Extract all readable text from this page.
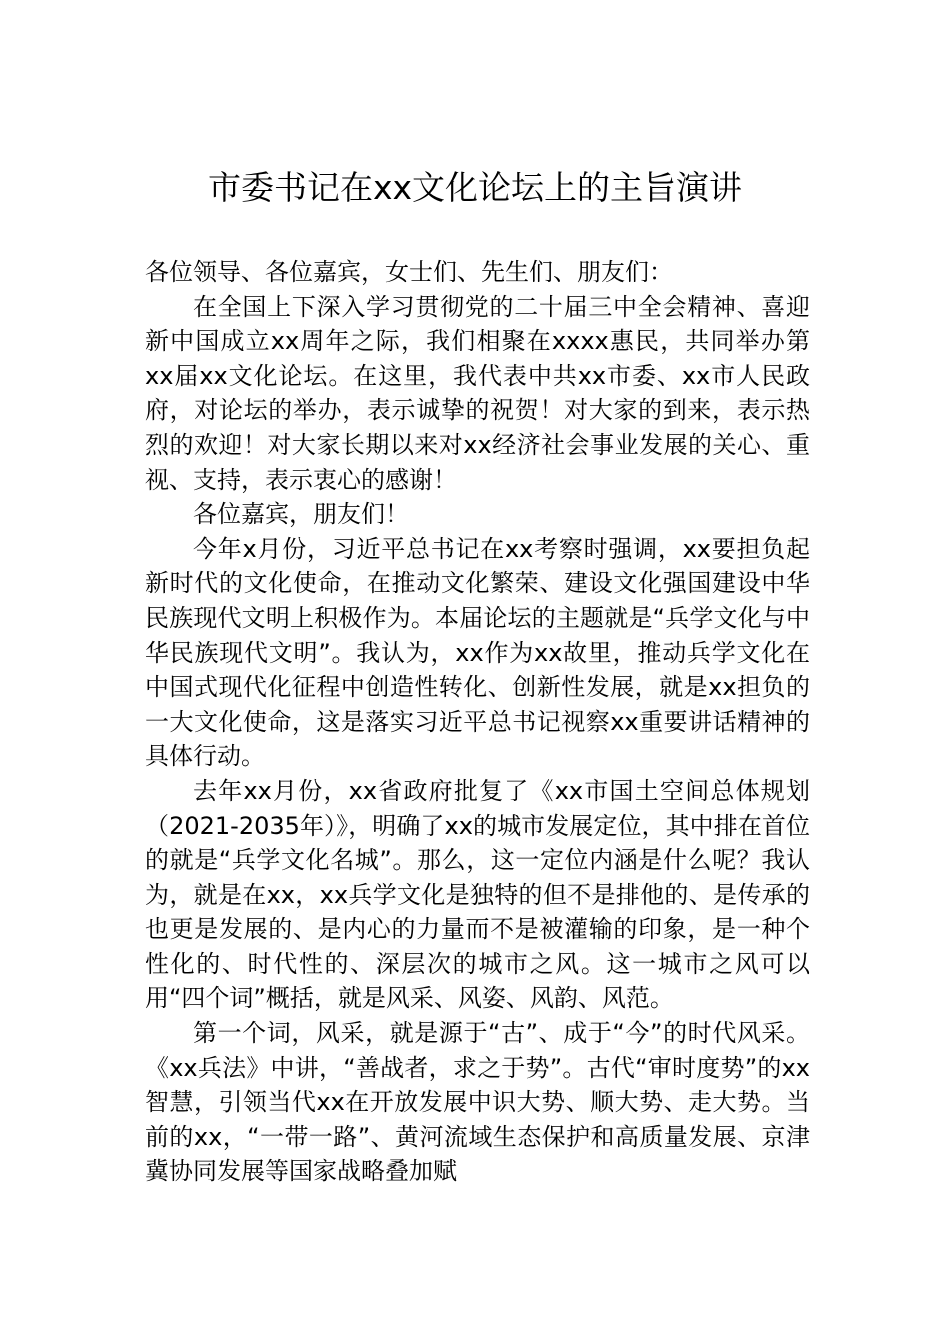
市委书记在xx文化论坛上的主旨演讲

各位领导、各位嘉宾，女士们、先生们、朋友们：

在全国上下深入学习贯彻党的二十届三中全会精神、喜迎新中国成立xx周年之际，我们相聚在xxxx惠民，共同举办第xx届xx文化论坛。在这里，我代表中共xx市委、xx市人民政府，对论坛的举办，表示诚挚的祝贺！对大家的到来，表示热烈的欢迎！对大家长期以来对xx经济社会事业发展的关心、重视、支持，表示衷心的感谢！

各位嘉宾，朋友们！

今年x月份，习近平总书记在xx考察时强调，xx要担负起新时代的文化使命，在推动文化繁荣、建设文化强国建设中华民族现代文明上积极作为。本届论坛的主题就是“兵学文化与中华民族现代文明”。我认为，xx作为xx故里，推动兵学文化在中国式现代化征程中创造性转化、创新性发展，就是xx担负的一大文化使命，这是落实习近平总书记视察xx重要讲话精神的具体行动。

去年xx月份，xx省政府批复了《xx市国土空间总体规划（2021-2035年）》，明确了xx的城市发展定位，其中排在首位的就是“兵学文化名城”。那么，这一定位内涵是什么呢？我认为，就是在xx，xx兵学文化是独特的但不是排他的、是传承的也更是发展的、是内心的力量而不是被灌输的印象，是一种个性化的、时代性的、深层次的城市之风。这一城市之风可以用“四个词”概括，就是风采、风姿、风韵、风范。

第一个词，风采，就是源于“古”、成于“今”的时代风采。《xx兵法》中讲，“善战者，求之于势”。古代“审时度势”的xx智慧，引领当代xx在开放发展中识大势、顺大势、走大势。当前的xx，“一带一路”、黄河流域生态保护和高质量发展、京津冀协同发展等国家战略叠加赋
